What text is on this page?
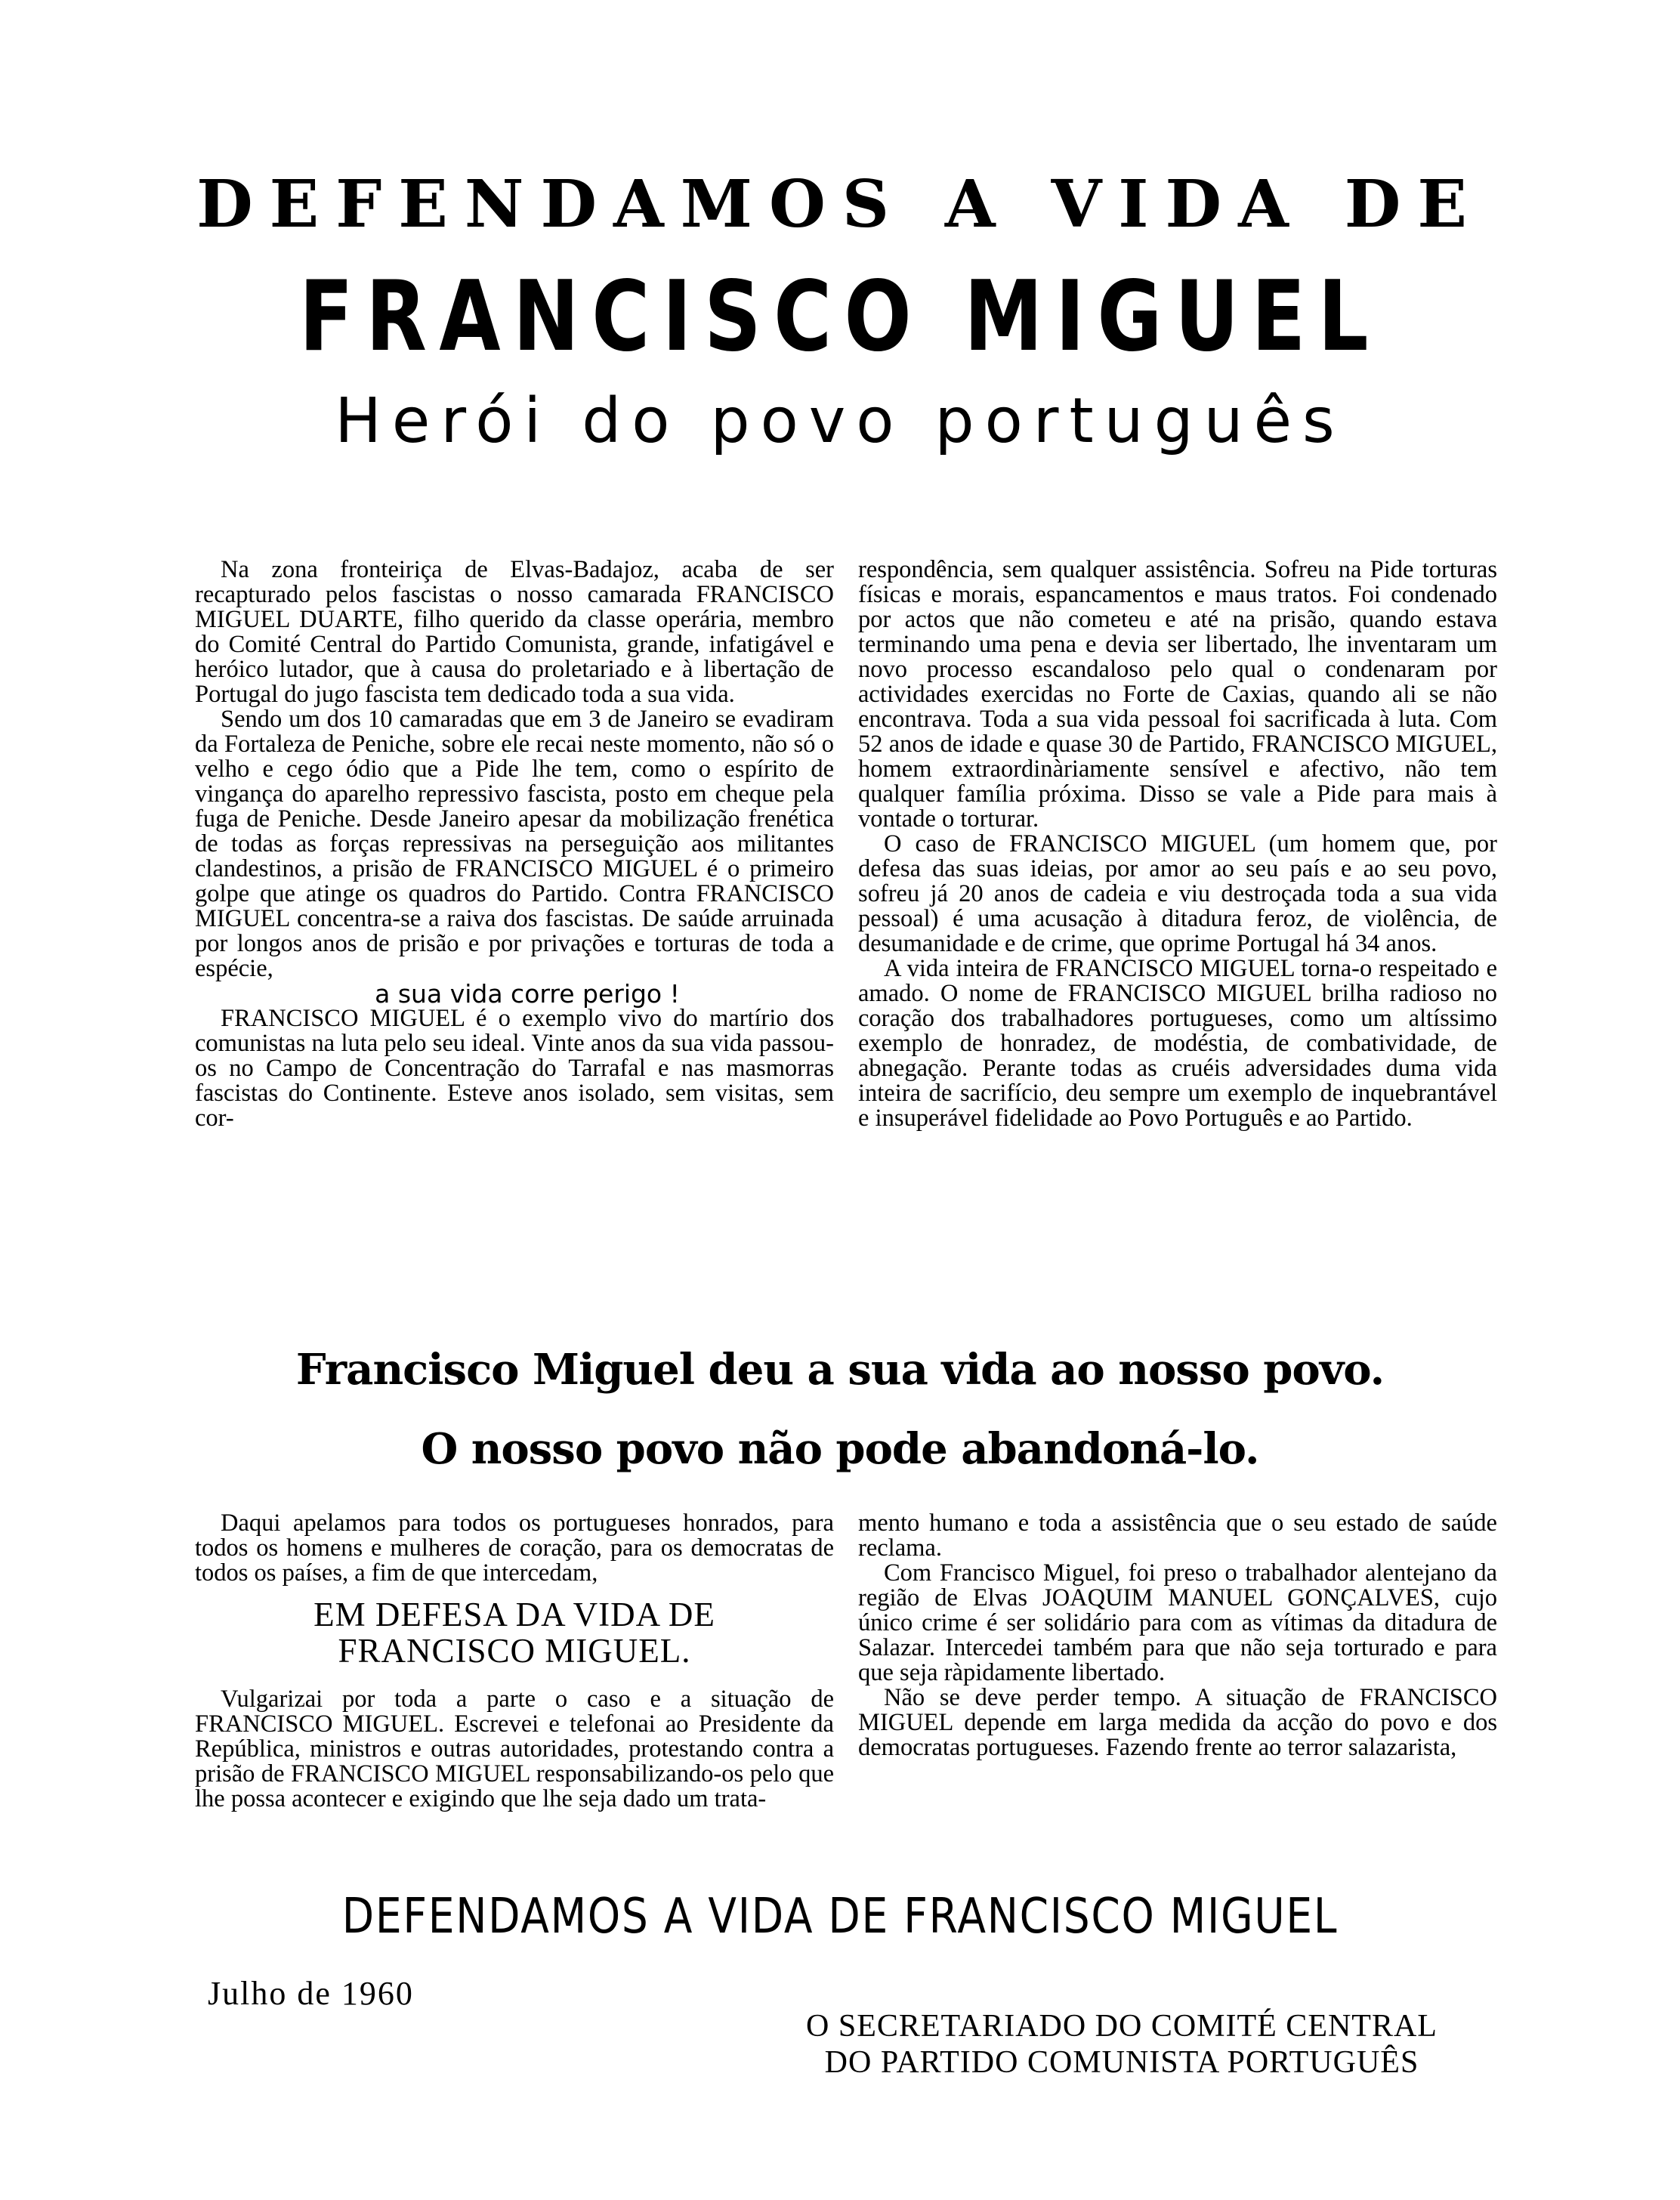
DEFENDAMOS A VIDA DE
FRANCISCO MIGUEL
Herói do povo português

Na zona fronteiriça de Elvas-Badajoz, acaba de ser recapturado pelos fascistas o nosso camarada FRANCISCO MIGUEL DUARTE, filho querido da classe operária, membro do Comité Central do Partido Comunista, grande, infatigável e heróico lutador, que à causa do proletariado e à libertação de Portugal do jugo fascista tem dedicado toda a sua vida.

Sendo um dos 10 camaradas que em 3 de Janeiro se evadiram da Fortaleza de Peniche, sobre ele recai neste momento, não só o velho e cego ódio que a Pide lhe tem, como o espírito de vingança do aparelho repressivo fascista, posto em cheque pela fuga de Peniche. Desde Janeiro apesar da mobilização frenética de todas as forças repressivas na perseguição aos militantes clandestinos, a prisão de FRANCISCO MIGUEL é o primeiro golpe que atinge os quadros do Partido. Contra FRANCISCO MIGUEL concentra-se a raiva dos fascistas. De saúde arruinada por longos anos de prisão e por privações e torturas de toda a espécie,

a sua vida corre perigo !

FRANCISCO MIGUEL é o exemplo vivo do martírio dos comunistas na luta pelo seu ideal. Vinte anos da sua vida passou-os no Campo de Concentração do Tarrafal e nas masmorras fascistas do Continente. Esteve anos isolado, sem visitas, sem cor-

respondência, sem qualquer assistência. Sofreu na Pide torturas físicas e morais, espancamentos e maus tratos. Foi condenado por actos que não cometeu e até na prisão, quando estava terminando uma pena e devia ser libertado, lhe inventaram um novo processo escandaloso pelo qual o condenaram por actividades exercidas no Forte de Caxias, quando ali se não encontrava. Toda a sua vida pessoal foi sacrificada à luta. Com 52 anos de idade e quase 30 de Partido, FRANCISCO MIGUEL, homem extraordinàriamente sensível e afectivo, não tem qualquer família próxima. Disso se vale a Pide para mais à vontade o torturar.

O caso de FRANCISCO MIGUEL (um homem que, por defesa das suas ideias, por amor ao seu país e ao seu povo, sofreu já 20 anos de cadeia e viu destroçada toda a sua vida pessoal) é uma acusação à ditadura feroz, de violência, de desumanidade e de crime, que oprime Portugal há 34 anos.

A vida inteira de FRANCISCO MIGUEL torna-o respeitado e amado. O nome de FRANCISCO MIGUEL brilha radioso no coração dos trabalhadores portugueses, como um altíssimo exemplo de honradez, de modéstia, de combatividade, de abnegação. Perante todas as cruéis adversidades duma vida inteira de sacrifício, deu sempre um exemplo de inquebrantável e insuperável fidelidade ao Povo Português e ao Partido.

Francisco Miguel deu a sua vida ao nosso povo.
O nosso povo não pode abandoná-lo.

Daqui apelamos para todos os portugueses honrados, para todos os homens e mulheres de coração, para os democratas de todos os países, a fim de que intercedam,

EM DEFESA DA VIDA DE
FRANCISCO MIGUEL.

Vulgarizai por toda a parte o caso e a situação de FRANCISCO MIGUEL. Escrevei e telefonai ao Presidente da República, ministros e outras autoridades, protestando contra a prisão de FRANCISCO MIGUEL responsabilizando-os pelo que lhe possa acontecer e exigindo que lhe seja dado um trata-

mento humano e toda a assistência que o seu estado de saúde reclama.

Com Francisco Miguel, foi preso o trabalhador alentejano da região de Elvas JOAQUIM MANUEL GONÇALVES, cujo único crime é ser solidário para com as vítimas da ditadura de Salazar. Intercedei também para que não seja torturado e para que seja ràpidamente libertado.

Não se deve perder tempo. A situação de FRANCISCO MIGUEL depende em larga medida da acção do povo e dos democratas portugueses. Fazendo frente ao terror salazarista,

DEFENDAMOS A VIDA DE FRANCISCO MIGUEL
Julho de 1960
O SECRETARIADO DO COMITÉ CENTRAL
DO PARTIDO COMUNISTA PORTUGUÊS
